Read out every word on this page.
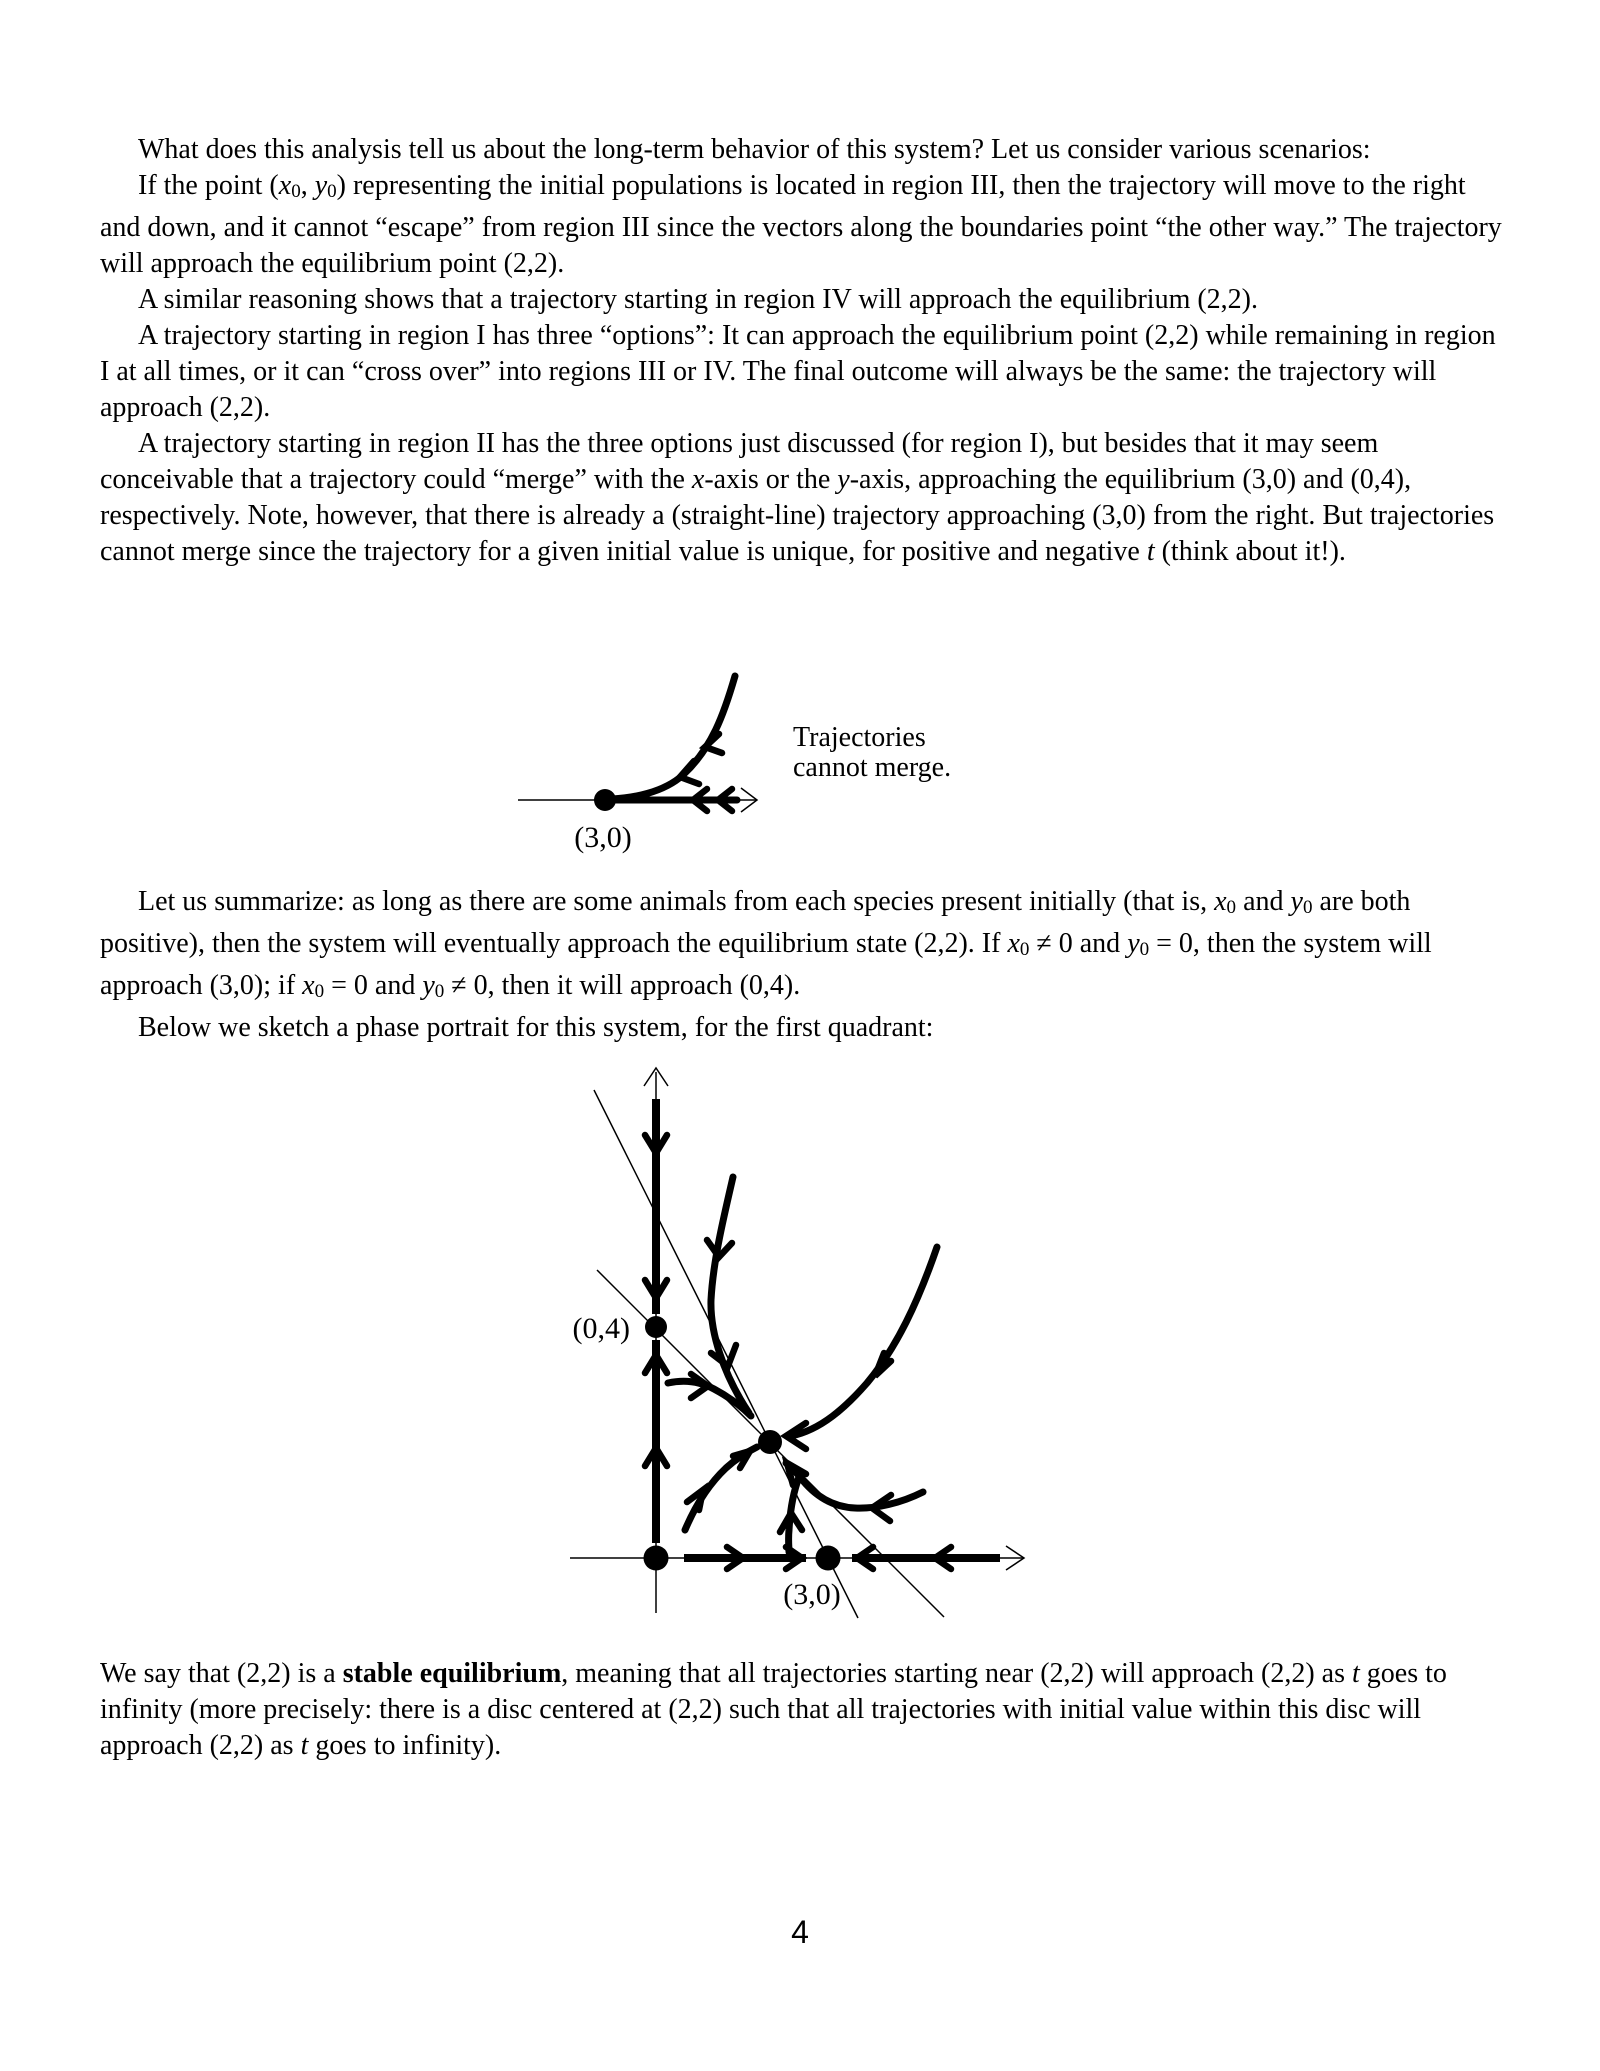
What does this analysis tell us about the long-term behavior of this system? Let us consider various scenarios:

If the point (x0, y0) representing the initial populations is located in region III, then the trajectory will move to the right and down, and it cannot “escape” from region III since the vectors along the boundaries point “the other way.” The trajectory will approach the equilibrium point (2,2).

A similar reasoning shows that a trajectory starting in region IV will approach the equilibrium (2,2).

A trajectory starting in region I has three “options”: It can approach the equilibrium point (2,2) while remaining in region I at all times, or it can “cross over” into regions III or IV. The final outcome will always be the same: the trajectory will approach (2,2).

A trajectory starting in region II has the three options just discussed (for region I), but besides that it may seem conceivable that a trajectory could “merge” with the x-axis or the y-axis, approaching the equilibrium (3,0) and (0,4), respectively. Note, however, that there is already a (straight-line) trajectory approaching (3,0) from the right. But trajectories cannot merge since the trajectory for a given initial value is unique, for positive and negative t (think about it!).

(3,0)
Trajectories
cannot merge.

Let us summarize: as long as there are some animals from each species present initially (that is, x0 and y0 are both positive), then the system will eventually approach the equilibrium state (2,2). If x0 ≠ 0 and y0 = 0, then the system will approach (3,0); if x0 = 0 and y0 ≠ 0, then it will approach (0,4).

Below we sketch a phase portrait for this system, for the first quadrant:

(0,4)
(3,0)

We say that (2,2) is a stable equilibrium, meaning that all trajectories starting near (2,2) will approach (2,2) as t goes to infinity (more precisely: there is a disc centered at (2,2) such that all trajectories with initial value within this disc will approach (2,2) as t goes to infinity).

4
